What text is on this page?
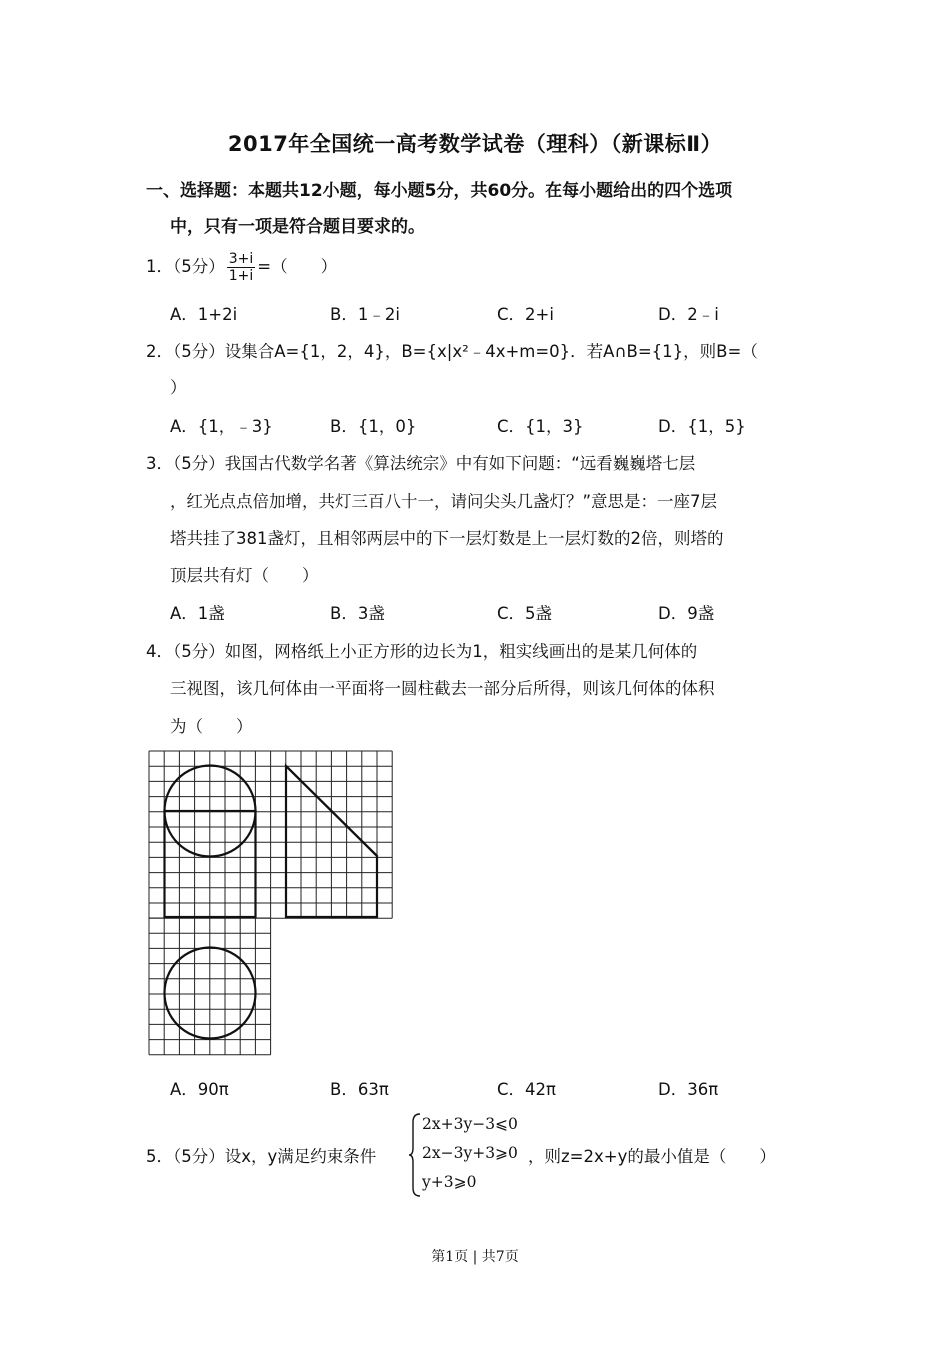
2017年全国统一高考数学试卷（理科）（新课标Ⅱ）
一、选择题：本题共12小题，每小题5分，共60分。在每小题给出的四个选项
中，只有一项是符合题目要求的。
1．（5分） $\frac{3+i}{1+i}$ =（　　）
A．1+2i	B．1﹣2i	C．2+i	D．2﹣i
2．（5分）设集合A={1，2，4}，B={x|x²﹣4x+m=0}．若A∩B={1}，则B=（
）
A．{1，﹣3}	B．{1，0}	C．{1，3}	D．{1，5}
3．（5分）我国古代数学名著《算法统宗》中有如下问题：“远看巍巍塔七层
，红光点点倍加增，共灯三百八十一，请问尖头几盏灯？”意思是：一座7层
塔共挂了381盏灯，且相邻两层中的下一层灯数是上一层灯数的2倍，则塔的
顶层共有灯（　　）
A．1盏	B．3盏	C．5盏	D．9盏
4．（5分）如图，网格纸上小正方形的边长为1，粗实线画出的是某几何体的
三视图，该几何体由一平面将一圆柱截去一部分后所得，则该几何体的体积
为（　　）
A．90π	B．63π	C．42π	D．36π
5．（5分）设x，y满足约束条件
2x+3y−3⩽0
2x−3y+3⩾0
y+3⩾0
，则z=2x+y的最小值是（　　）
第1页 | 共7页
